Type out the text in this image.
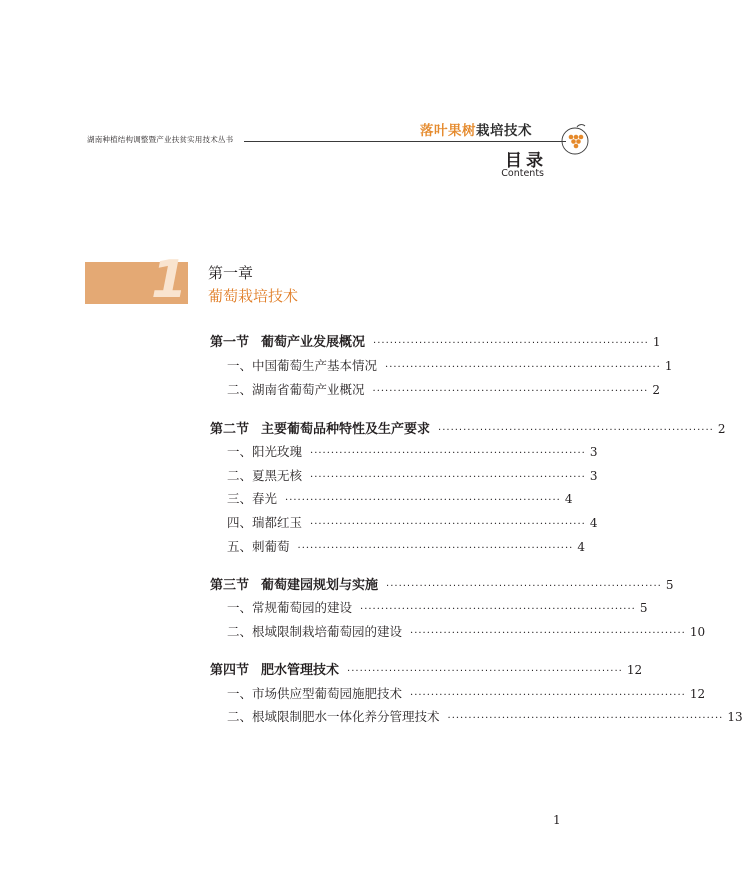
湖南种植结构调整暨产业扶贫实用技术丛书
落叶果树栽培技术
目录
Contents
1 第一章
葡萄栽培技术
第一节 葡萄产业发展概况 ·································································· 1
一、中国葡萄生产基本情况 ·································································· 1
二、湖南省葡萄产业概况 ·································································· 2
第二节 主要葡萄品种特性及生产要求 ·································································· 2
一、阳光玫瑰 ·································································· 3
二、夏黑无核 ·································································· 3
三、春光 ·································································· 4
四、瑞都红玉 ·································································· 4
五、刺葡萄 ·································································· 4
第三节 葡萄建园规划与实施 ·································································· 5
一、常规葡萄园的建设 ·································································· 5
二、根域限制栽培葡萄园的建设 ·································································· 10
第四节 肥水管理技术 ·································································· 12
一、市场供应型葡萄园施肥技术 ·································································· 12
二、根域限制肥水一体化养分管理技术 ·································································· 13
1
